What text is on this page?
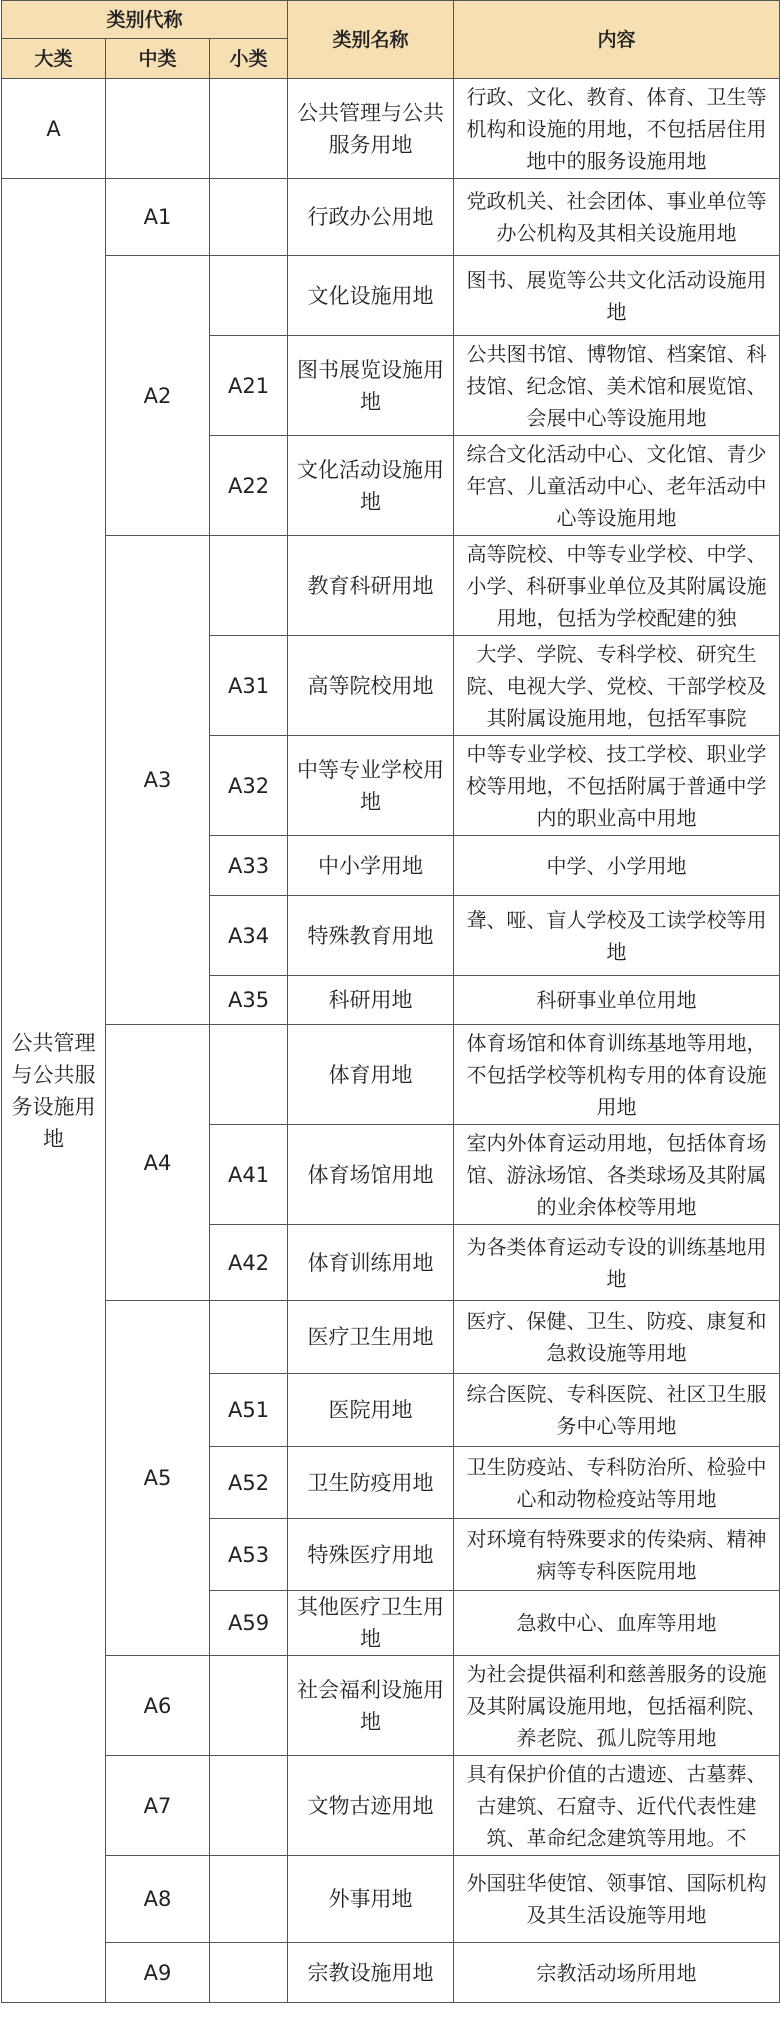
类别代称			类别名称	内容
大类	中类	小类		
A			公共管理与公共服务用地	行政、文化、教育、体育、卫生等机构和设施的用地，不包括居住用地中的服务设施用地
公共管理与公共服务设施用地	A1		行政办公用地	党政机关、社会团体、事业单位等办公机构及其相关设施用地
	A2		文化设施用地	图书、展览等公共文化活动设施用地
		A21	图书展览设施用地	公共图书馆、博物馆、档案馆、科技馆、纪念馆、美术馆和展览馆、会展中心等设施用地
		A22	文化活动设施用地	综合文化活动中心、文化馆、青少年宫、儿童活动中心、老年活动中心等设施用地
	A3		教育科研用地	高等院校、中等专业学校、中学、小学、科研事业单位及其附属设施用地，包括为学校配建的独

		A31	高等院校用地	大学、学院、专科学校、研究生院、电视大学、党校、干部学校及其附属设施用地，包括军事院

		A32	中等专业学校用地	中等专业学校、技工学校、职业学校等用地，不包括附属于普通中学内的职业高中用地
		A33	中小学用地	中学、小学用地
		A34	特殊教育用地	聋、哑、盲人学校及工读学校等用地
		A35	科研用地	科研事业单位用地
	A4		体育用地	体育场馆和体育训练基地等用地，不包括学校等机构专用的体育设施用地
		A41	体育场馆用地	室内外体育运动用地，包括体育场馆、游泳场馆、各类球场及其附属的业余体校等用地
		A42	体育训练用地	为各类体育运动专设的训练基地用地
	A5		医疗卫生用地	医疗、保健、卫生、防疫、康复和急救设施等用地
		A51	医院用地	综合医院、专科医院、社区卫生服务中心等用地
		A52	卫生防疫用地	卫生防疫站、专科防治所、检验中心和动物检疫站等用地
		A53	特殊医疗用地	对环境有特殊要求的传染病、精神病等专科医院用地
		A59	其他医疗卫生用地	急救中心、血库等用地
	A6		社会福利设施用地	为社会提供福利和慈善服务的设施及其附属设施用地，包括福利院、养老院、孤儿院等用地
	A7		文物古迹用地	具有保护价值的古遗迹、古墓葬、古建筑、石窟寺、近代代表性建筑、革命纪念建筑等用地。不

	A8		外事用地	外国驻华使馆、领事馆、国际机构及其生活设施等用地
	A9		宗教设施用地	宗教活动场所用地
